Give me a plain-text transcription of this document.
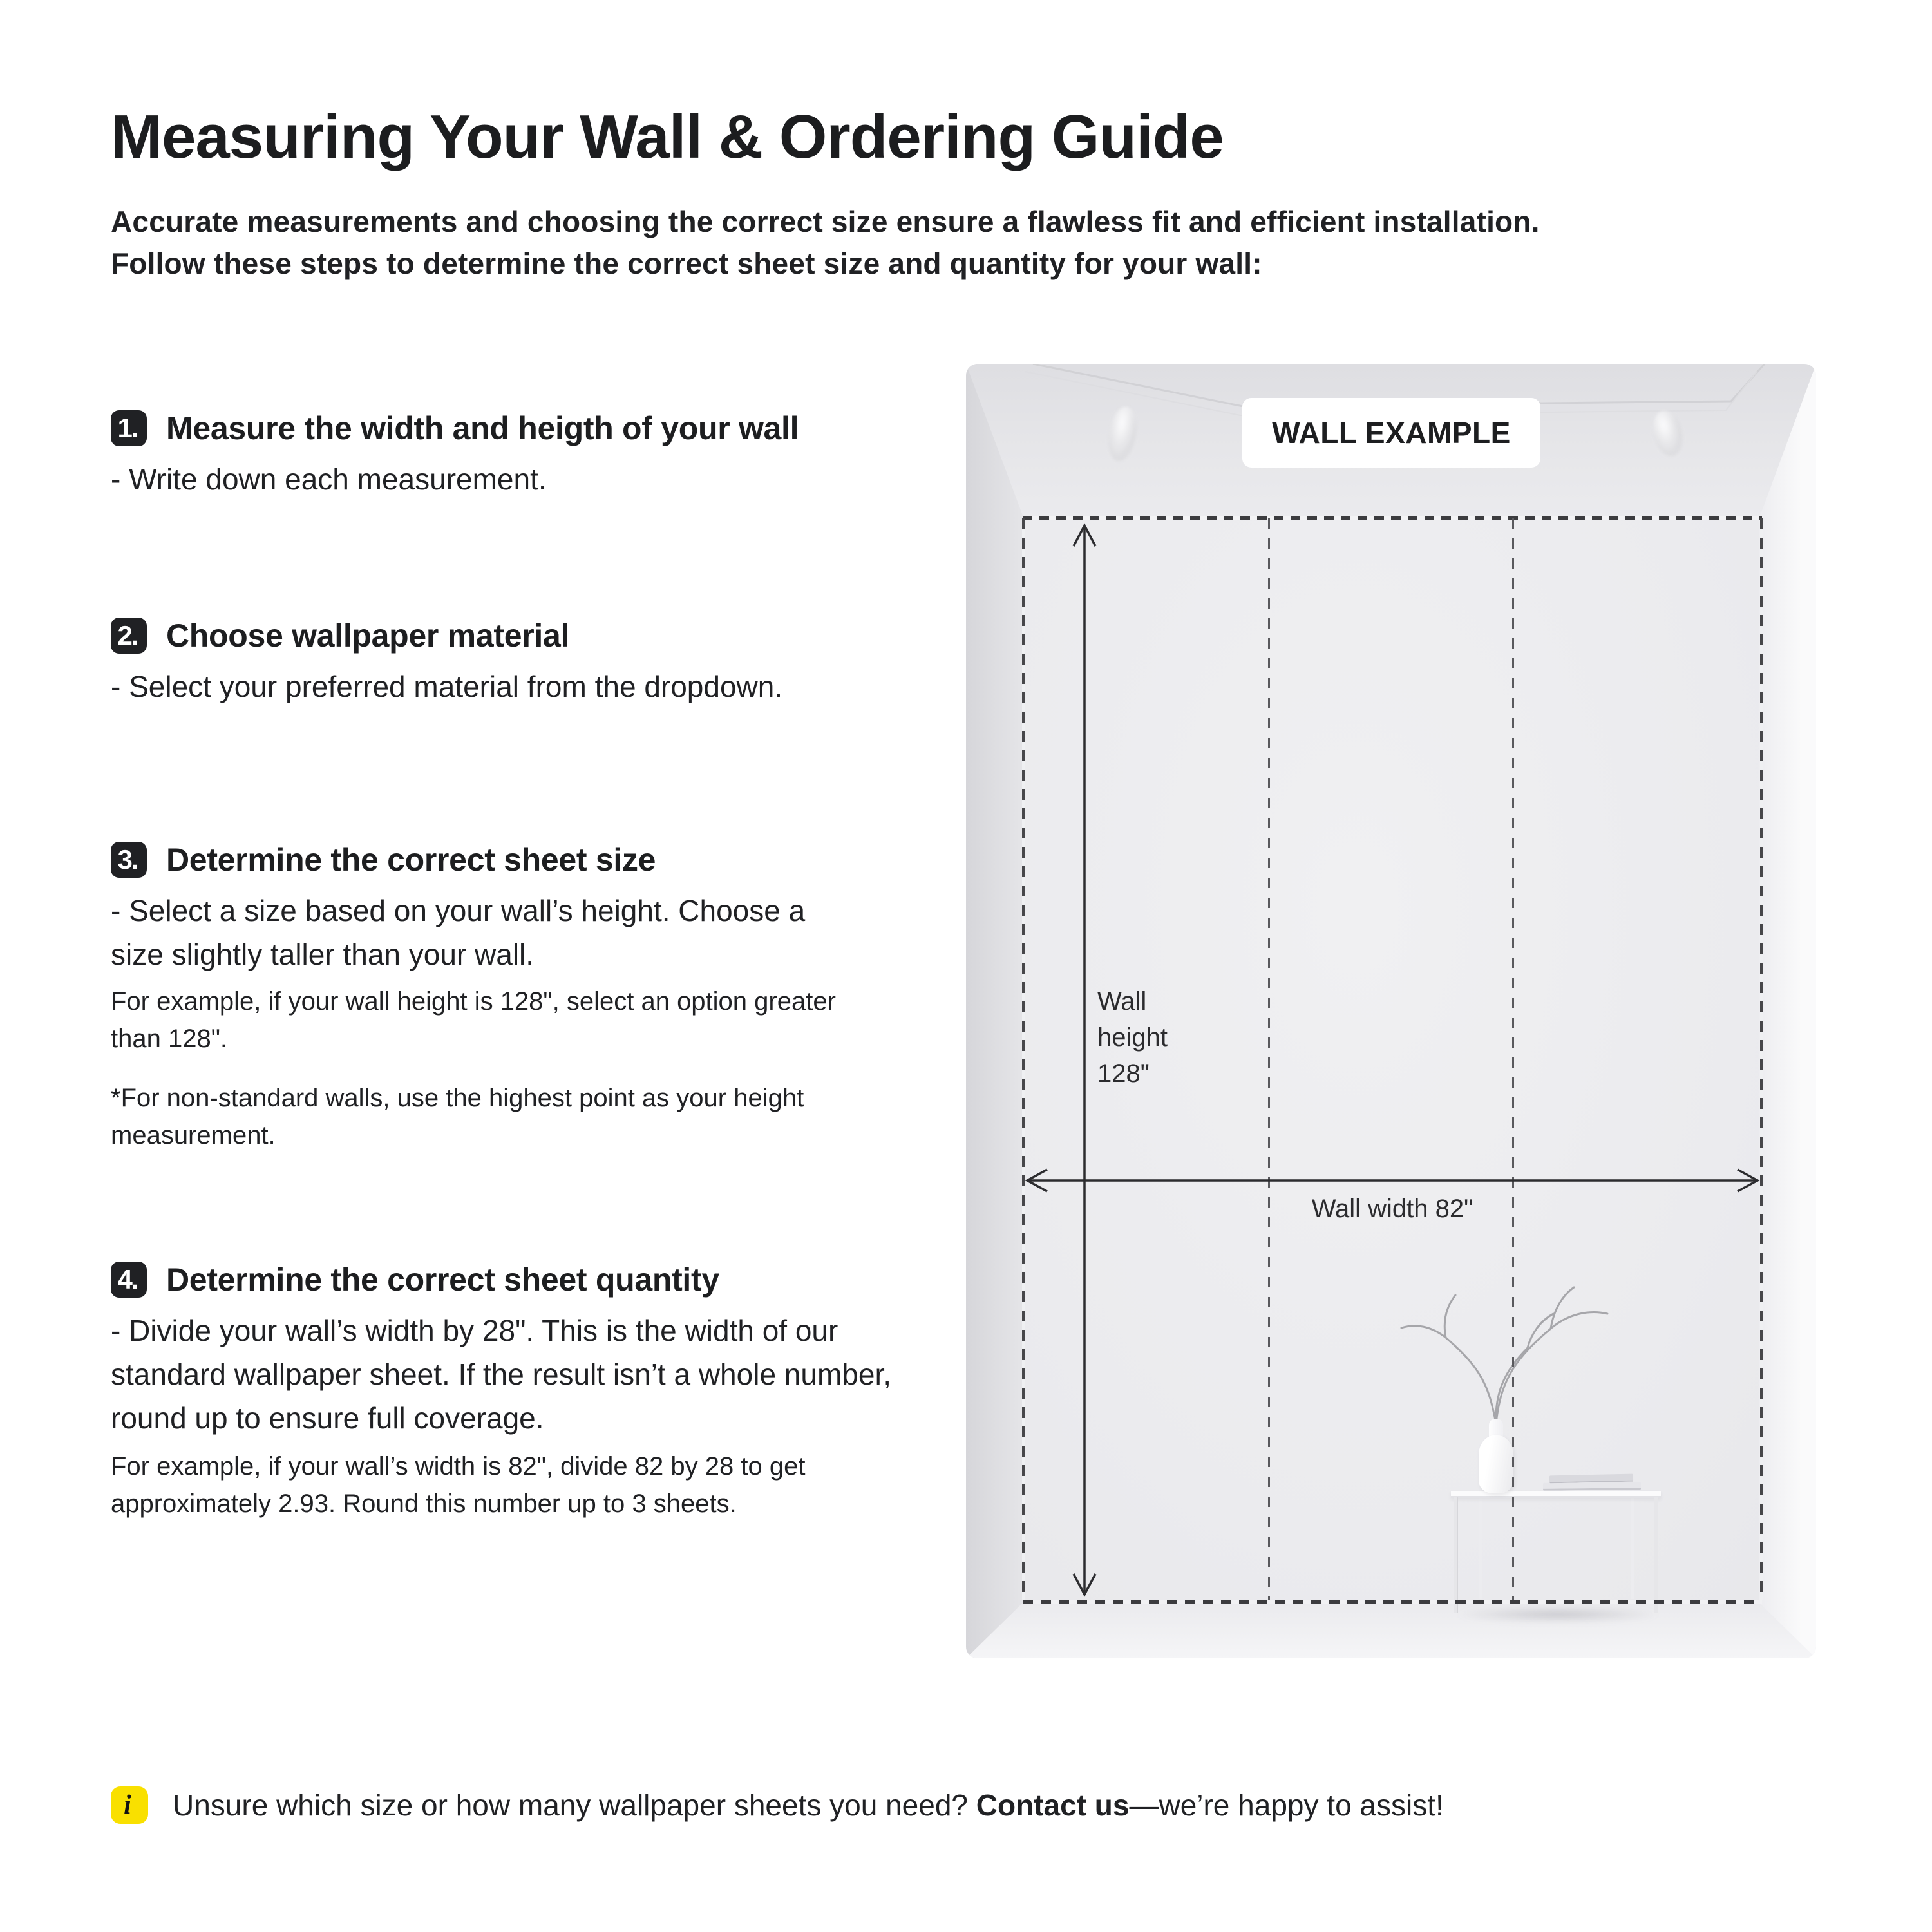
Measuring Your Wall & Ordering Guide

Accurate measurements and choosing the correct size ensure a flawless fit and efficient installation.
Follow these steps to determine the correct sheet size and quantity for your wall:

1. Measure the width and heigth of your wall

- Write down each measurement.

2. Choose wallpaper material

- Select your preferred material from the dropdown.

3. Determine the correct sheet size

- Select a size based on your wall’s height. Choose a size slightly taller than your wall.

For example, if your wall height is 128", select an option greater than 128".

*For non-standard walls, use the highest point as your height measurement.

4. Determine the correct sheet quantity

- Divide your wall’s width by 28". This is the width of our standard wallpaper sheet. If the result isn’t a whole number, round up to ensure full coverage.

For example, if your wall’s width is 82", divide 82 by 28 to get approximately 2.93. Round this number up to 3 sheets.

Wall height 128"
Wall width 82"
WALL EXAMPLE
i Unsure which size or how many wallpaper sheets you need? Contact us—we’re happy to assist!
